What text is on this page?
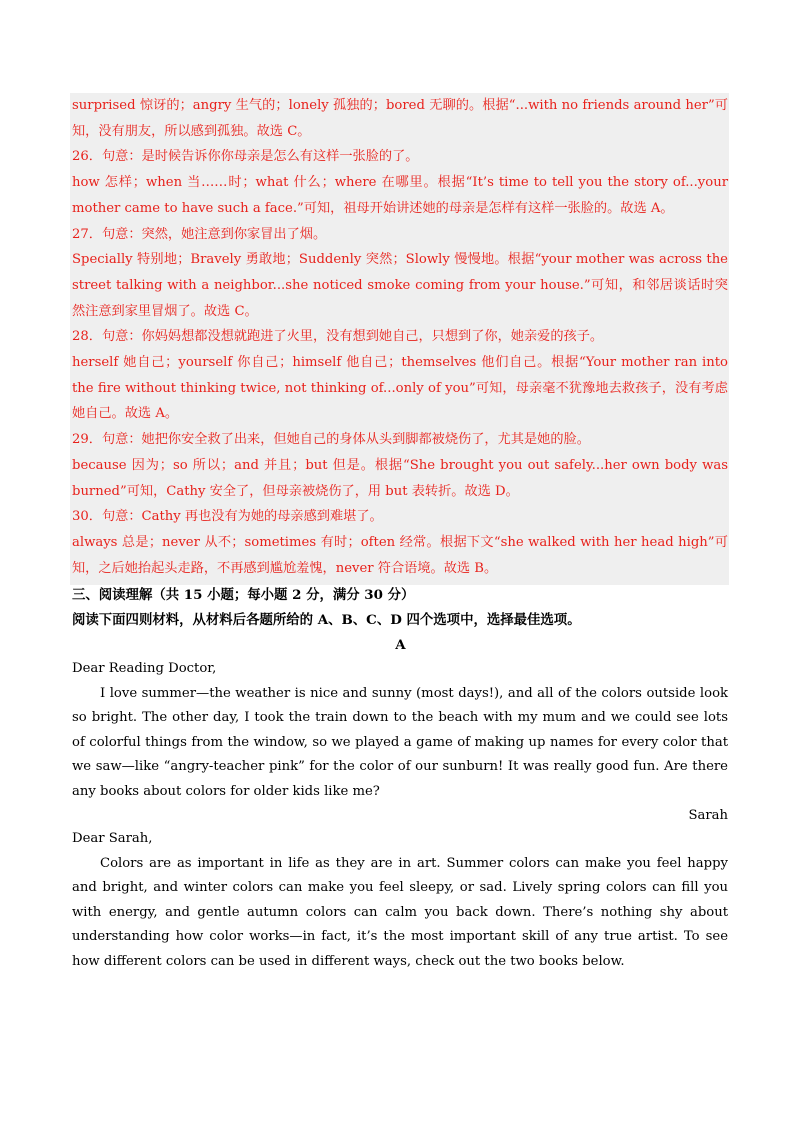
surprised 惊讶的；angry 生气的；lonely 孤独的；bored 无聊的。根据“...with no friends around her”可知，没有朋友，所以感到孤独。故选 C。

26．句意：是时候告诉你你母亲是怎么有这样一张脸的了。

how 怎样；when 当……时；what 什么；where 在哪里。根据“It’s time to tell you the story of...your mother came to have such a face.”可知，祖母开始讲述她的母亲是怎样有这样一张脸的。故选 A。

27．句意：突然，她注意到你家冒出了烟。

Specially 特别地；Bravely 勇敢地；Suddenly 突然；Slowly 慢慢地。根据“your mother was across the street talking with a neighbor...she noticed smoke coming from your house.”可知，和邻居谈话时突然注意到家里冒烟了。故选 C。

28．句意：你妈妈想都没想就跑进了火里，没有想到她自己，只想到了你，她亲爱的孩子。

herself 她自己；yourself 你自己；himself 他自己；themselves 他们自己。根据“Your mother ran into the fire without thinking twice, not thinking of...only of you”可知，母亲毫不犹豫地去救孩子，没有考虑她自己。故选 A。

29．句意：她把你安全救了出来，但她自己的身体从头到脚都被烧伤了，尤其是她的脸。

because 因为；so 所以；and 并且；but 但是。根据“She brought you out safely...her own body was burned”可知，Cathy 安全了，但母亲被烧伤了，用 but 表转折。故选 D。

30．句意：Cathy 再也没有为她的母亲感到难堪了。

always 总是；never 从不；sometimes 有时；often 经常。根据下文“she walked with her head high”可知，之后她抬起头走路，不再感到尴尬羞愧，never 符合语境。故选 B。

三、阅读理解（共 15 小题；每小题 2 分，满分 30 分）

阅读下面四则材料，从材料后各题所给的 A、B、C、D 四个选项中，选择最佳选项。

A

Dear Reading Doctor,

I love summer—the weather is nice and sunny (most days!), and all of the colors outside look so bright. The other day, I took the train down to the beach with my mum and we could see lots of colorful things from the window, so we played a game of making up names for every color that we saw—like “angry-teacher pink” for the color of our sunburn! It was really good fun. Are there any books about colors for older kids like me?

Sarah

Dear Sarah,

Colors are as important in life as they are in art. Summer colors can make you feel happy and bright, and winter colors can make you feel sleepy, or sad. Lively spring colors can fill you with energy, and gentle autumn colors can calm you back down. There’s nothing shy about understanding how color works—in fact, it’s the most important skill of any true artist. To see how different colors can be used in different ways, check out the two books below.
